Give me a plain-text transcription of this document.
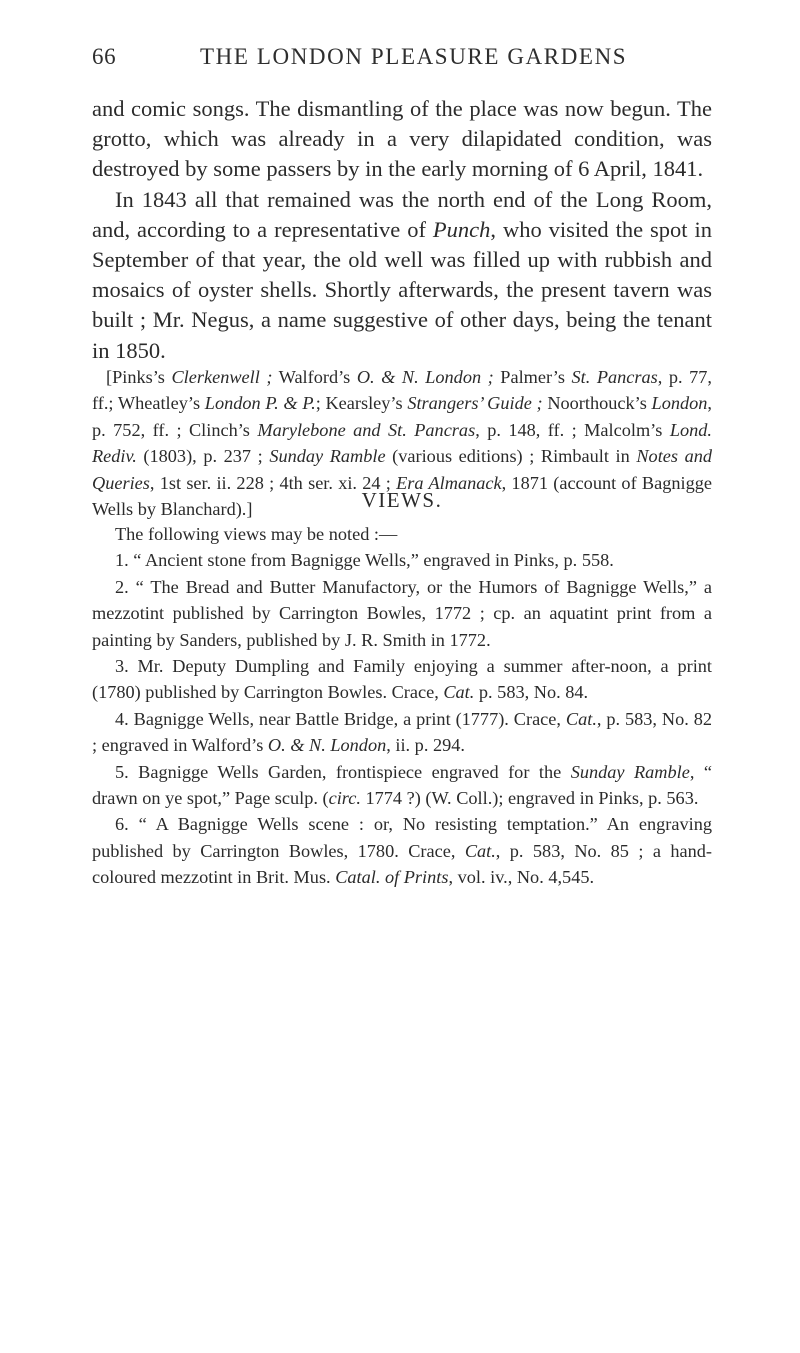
66	THE LONDON PLEASURE GARDENS

and comic songs. The dismantling of the place was now begun. The grotto, which was already in a very dilapidated condition, was destroyed by some passers by in the early morning of 6 April, 1841.

In 1843 all that remained was the north end of the Long Room, and, according to a representative of Punch, who visited the spot in September of that year, the old well was filled up with rubbish and mosaics of oyster shells. Shortly afterwards, the present tavern was built ; Mr. Negus, a name suggestive of other days, being the tenant in 1850.

[Pinks’s Clerkenwell ; Walford’s O. & N. London ; Palmer’s St. Pancras, p. 77, ff.; Wheatley’s London P. & P.; Kearsley’s Strangers’ Guide ; Noorthouck’s London, p. 752, ff. ; Clinch’s Marylebone and St. Pancras, p. 148, ff. ; Malcolm’s Lond. Rediv. (1803), p. 237 ; Sunday Ramble (various editions) ; Rimbault in Notes and Queries, 1st ser. ii. 228 ; 4th ser. xi. 24 ; Era Almanack, 1871 (account of Bagnigge Wells by Blanchard).]	VIEWS.

The following views may be noted :—

1. “ Ancient stone from Bagnigge Wells,” engraved in Pinks, p. 558.

2. “ The Bread and Butter Manufactory, or the Humors of Bagnigge Wells,” a mezzotint published by Carrington Bowles, 1772 ; cp. an aquatint print from a painting by Sanders, published by J. R. Smith in 1772.

3. Mr. Deputy Dumpling and Family enjoying a summer after-noon, a print (1780) published by Carrington Bowles. Crace, Cat. p. 583, No. 84.

4. Bagnigge Wells, near Battle Bridge, a print (1777). Crace, Cat., p. 583, No. 82 ; engraved in Walford’s O. & N. London, ii. p. 294.

5. Bagnigge Wells Garden, frontispiece engraved for the Sunday Ramble, “ drawn on ye spot,” Page sculp. (circ. 1774 ?) (W. Coll.); engraved in Pinks, p. 563.

6. “ A Bagnigge Wells scene : or, No resisting temptation.” An engraving published by Carrington Bowles, 1780. Crace, Cat., p. 583, No. 85 ; a hand-coloured mezzotint in Brit. Mus. Catal. of Prints, vol. iv., No. 4,545.
